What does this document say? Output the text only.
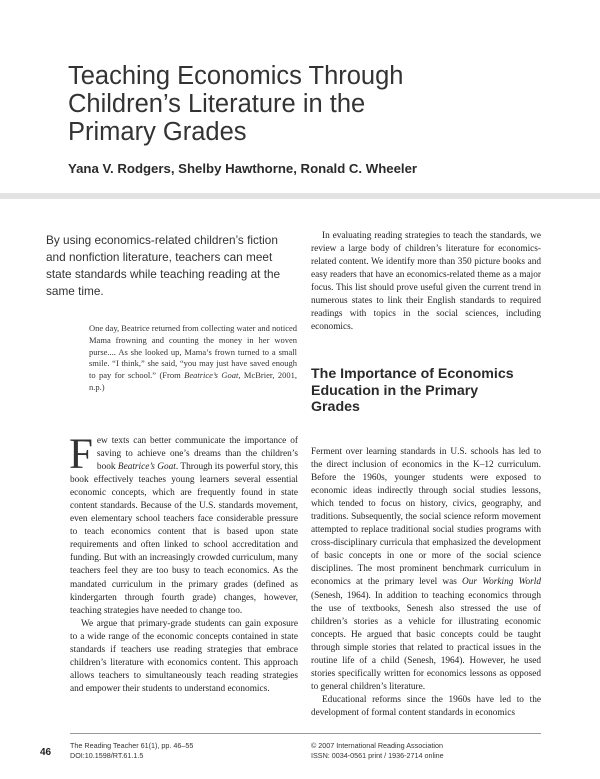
Teaching Economics Through
Children’s Literature in the
Primary Grades
Yana V. Rodgers, Shelby Hawthorne, Ronald C. Wheeler
By using economics-related children’s fiction and nonfiction literature, teachers can meet state standards while teaching reading at the same time.
One day, Beatrice returned from collecting water and noticed Mama frowning and counting the money in her woven purse.... As she looked up, Mama’s frown turned to a small smile. “I think,” she said, “you may just have saved enough to pay for school.” (From Beatrice’s Goat, McBrier, 2001, n.p.)

Few texts can better communicate the importance of saving to achieve one’s dreams than the children’s book Beatrice’s Goat. Through its powerful story, this book effectively teaches young learners several essential economic concepts, which are frequently found in state content standards. Because of the U.S. standards movement, even elementary school teachers face considerable pressure to teach economics content that is based upon state requirements and often linked to school accreditation and funding. But with an increasingly crowded curriculum, many teachers feel they are too busy to teach economics. As the mandated curriculum in the primary grades (defined as kindergarten through fourth grade) changes, however, teaching strategies have needed to change too.

We argue that primary-grade students can gain exposure to a wide range of the economic concepts contained in state standards if teachers use reading strategies that embrace children’s literature with economics content. This approach allows teachers to simultaneously teach reading strategies and empower their students to understand economics.

In evaluating reading strategies to teach the standards, we review a large body of children’s literature for economics-related content. We identify more than 350 picture books and easy readers that have an economics-related theme as a major focus. This list should prove useful given the current trend in numerous states to link their English standards to required readings with topics in the social sciences, including economics.

The Importance of Economics
Education in the Primary
Grades

Ferment over learning standards in U.S. schools has led to the direct inclusion of economics in the K–12 curriculum. Before the 1960s, younger students were exposed to economic ideas indirectly through social studies lessons, which tended to focus on history, civics, geography, and traditions. Subsequently, the social science reform movement attempted to replace traditional social studies programs with cross-disciplinary curricula that emphasized the development of basic concepts in one or more of the social science disciplines. The most prominent benchmark curriculum in economics at the primary level was Our Working World (Senesh, 1964). In addition to teaching economics through the use of textbooks, Senesh also stressed the use of children’s stories as a vehicle for illustrating economic concepts. He argued that basic concepts could be taught through simple stories that related to practical issues in the routine life of a child (Senesh, 1964). However, he used stories specifically written for economics lessons as opposed to general children’s literature.

Educational reforms since the 1960s have led to the development of formal content standards in economics

46
The Reading Teacher 61(1), pp. 46–55
DOI:10.1598/RT.61.1.5
© 2007 International Reading Association
ISSN: 0034-0561 print / 1936-2714 online
